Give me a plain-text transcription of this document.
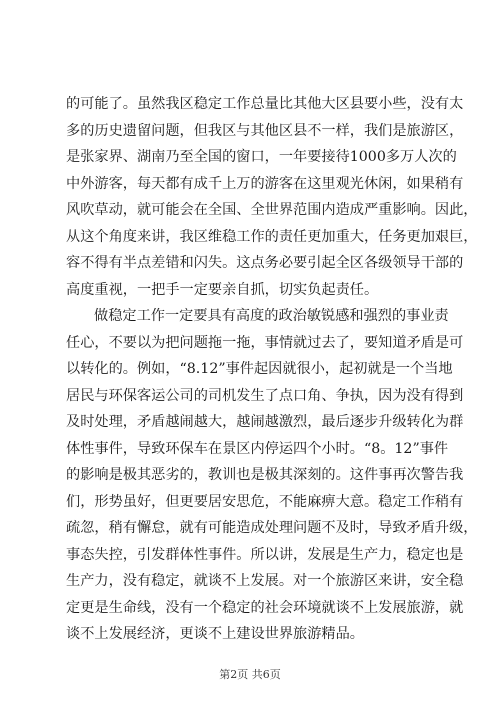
的可能了。虽然我区稳定工作总量比其他大区县要小些，没有太
多的历史遗留问题，但我区与其他区县不一样，我们是旅游区，
是张家界、湖南乃至全国的窗口，一年要接待1000多万人次的
中外游客，每天都有成千上万的游客在这里观光休闲，如果稍有
风吹草动，就可能会在全国、全世界范围内造成严重影响。因此，
从这个角度来讲，我区维稳工作的责任更加重大，任务更加艰巨，
容不得有半点差错和闪失。这点务必要引起全区各级领导干部的
高度重视，一把手一定要亲自抓，切实负起责任。
做稳定工作一定要具有高度的政治敏锐感和强烈的事业责
任心，不要以为把问题拖一拖，事情就过去了，要知道矛盾是可
以转化的。例如，“8.12”事件起因就很小，起初就是一个当地
居民与环保客运公司的司机发生了点口角、争执，因为没有得到
及时处理，矛盾越闹越大，越闹越激烈，最后逐步升级转化为群
体性事件，导致环保车在景区内停运四个小时。“8。12”事件
的影响是极其恶劣的，教训也是极其深刻的。这件事再次警告我
们，形势虽好，但更要居安思危，不能麻痹大意。稳定工作稍有
疏忽，稍有懈怠，就有可能造成处理问题不及时，导致矛盾升级，
事态失控，引发群体性事件。所以讲，发展是生产力，稳定也是
生产力，没有稳定，就谈不上发展。对一个旅游区来讲，安全稳
定更是生命线，没有一个稳定的社会环境就谈不上发展旅游，就
谈不上发展经济，更谈不上建设世界旅游精品。
第2页 共6页
